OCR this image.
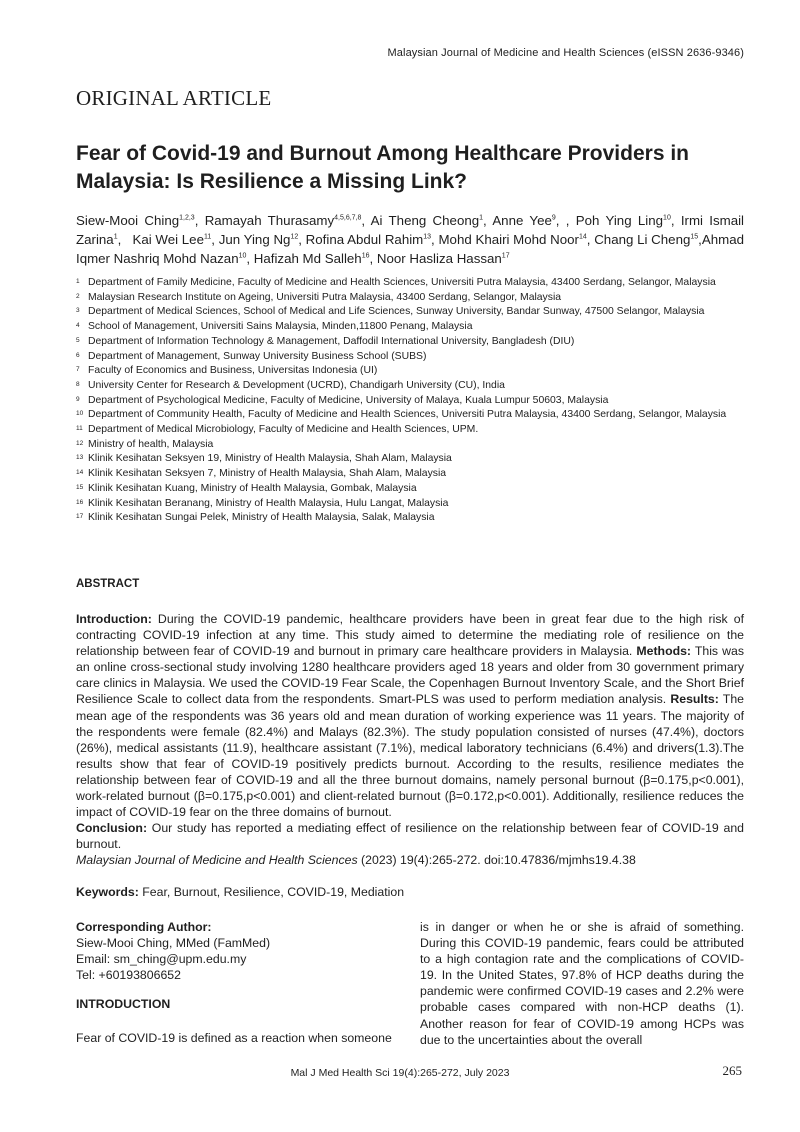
Malaysian Journal of Medicine and Health Sciences (eISSN 2636-9346)
ORIGINAL ARTICLE
Fear of Covid-19 and Burnout Among Healthcare Providers in Malaysia: Is Resilience a Missing Link?
Siew-Mooi Ching$^{1,2,3}$, Ramayah Thurasamy$^{4,5,6,7,8}$, Ai Theng Cheong$^1$, Anne Yee$^9$, , Poh Ying Ling$^{10}$, Irmi Ismail Zarina$^1$,   Kai Wei Lee$^{11}$, Jun Ying Ng$^{12}$, Rofina Abdul Rahim$^{13}$, Mohd Khairi Mohd Noor$^{14}$, Chang Li Cheng$^{15}$,Ahmad Iqmer Nashriq Mohd Nazan$^{10}$, Hafizah Md Salleh$^{16}$, Noor Hasliza Hassan$^{17}$
1 Department of Family Medicine, Faculty of Medicine and Health Sciences, Universiti Putra Malaysia, 43400 Serdang, Selangor, Malaysia
2 Malaysian Research Institute on Ageing, Universiti Putra Malaysia, 43400 Serdang, Selangor, Malaysia
3 Department of Medical Sciences, School of Medical and Life Sciences, Sunway University, Bandar Sunway, 47500 Selangor, Malaysia
4 School of Management, Universiti Sains Malaysia, Minden,11800 Penang, Malaysia
5 Department of Information Technology & Management, Daffodil International University, Bangladesh (DIU)
6 Department of Management, Sunway University Business School (SUBS)
7 Faculty of Economics and Business, Universitas Indonesia (UI)
8 University Center for Research & Development (UCRD), Chandigarh University (CU), India
9 Department of Psychological Medicine, Faculty of Medicine, University of Malaya, Kuala Lumpur 50603, Malaysia
10 Department of Community Health, Faculty of Medicine and Health Sciences, Universiti Putra Malaysia, 43400 Serdang, Selangor, Malaysia
11 Department of Medical Microbiology, Faculty of Medicine and Health Sciences, UPM.
12 Ministry of health, Malaysia
13 Klinik Kesihatan Seksyen 19, Ministry of Health Malaysia, Shah Alam, Malaysia
14 Klinik Kesihatan Seksyen 7, Ministry of Health Malaysia, Shah Alam, Malaysia
15 Klinik Kesihatan Kuang, Ministry of Health Malaysia, Gombak, Malaysia
16 Klinik Kesihatan Beranang, Ministry of Health Malaysia, Hulu Langat, Malaysia
17 Klinik Kesihatan Sungai Pelek, Ministry of Health Malaysia, Salak, Malaysia
ABSTRACT
Introduction: During the COVID-19 pandemic, healthcare providers have been in great fear due to the high risk of contracting COVID-19 infection at any time. This study aimed to determine the mediating role of resilience on the relationship between fear of COVID-19 and burnout in primary care healthcare providers in Malaysia. Methods: This was an online cross-sectional study involving 1280 healthcare providers aged 18 years and older from 30 government primary care clinics in Malaysia. We used the COVID-19 Fear Scale, the Copenhagen Burnout Inventory Scale, and the Short Brief Resilience Scale to collect data from the respondents. Smart-PLS was used to perform mediation analysis. Results: The mean age of the respondents was 36 years old and mean duration of working experience was 11 years. The majority of the respondents were female (82.4%) and Malays (82.3%). The study population consisted of nurses (47.4%), doctors (26%), medical assistants (11.9), healthcare assistant (7.1%), medical laboratory technicians (6.4%) and drivers(1.3).The results show that fear of COVID-19 positively predicts burnout. According to the results, resilience mediates the relationship between fear of COVID-19 and all the three burnout domains, namely personal burnout (β=0.175,p<0.001), work-related burnout (β=0.175,p<0.001) and client-related burnout (β=0.172,p<0.001). Additionally, resilience reduces the impact of COVID-19 fear on the three domains of burnout.
Conclusion: Our study has reported a mediating effect of resilience on the relationship between fear of COVID-19 and burnout.
Malaysian Journal of Medicine and Health Sciences (2023) 19(4):265-272. doi:10.47836/mjmhs19.4.38
Keywords: Fear, Burnout, Resilience, COVID-19, Mediation
Corresponding Author:
Siew-Mooi Ching, MMed (FamMed)
Email: sm_ching@upm.edu.my
Tel: +60193806652
INTRODUCTION
Fear of COVID-19 is defined as a reaction when someone
is in danger or when he or she is afraid of something. During this COVID-19 pandemic, fears could be attributed to a high contagion rate and the complications of COVID-19. In the United States, 97.8% of HCP deaths during the pandemic were confirmed COVID-19 cases and 2.2% were probable cases compared with non-HCP deaths (1). Another reason for fear of COVID-19 among HCPs was due to the uncertainties about the overall
Mal J Med Health Sci 19(4):265-272, July 2023	265
